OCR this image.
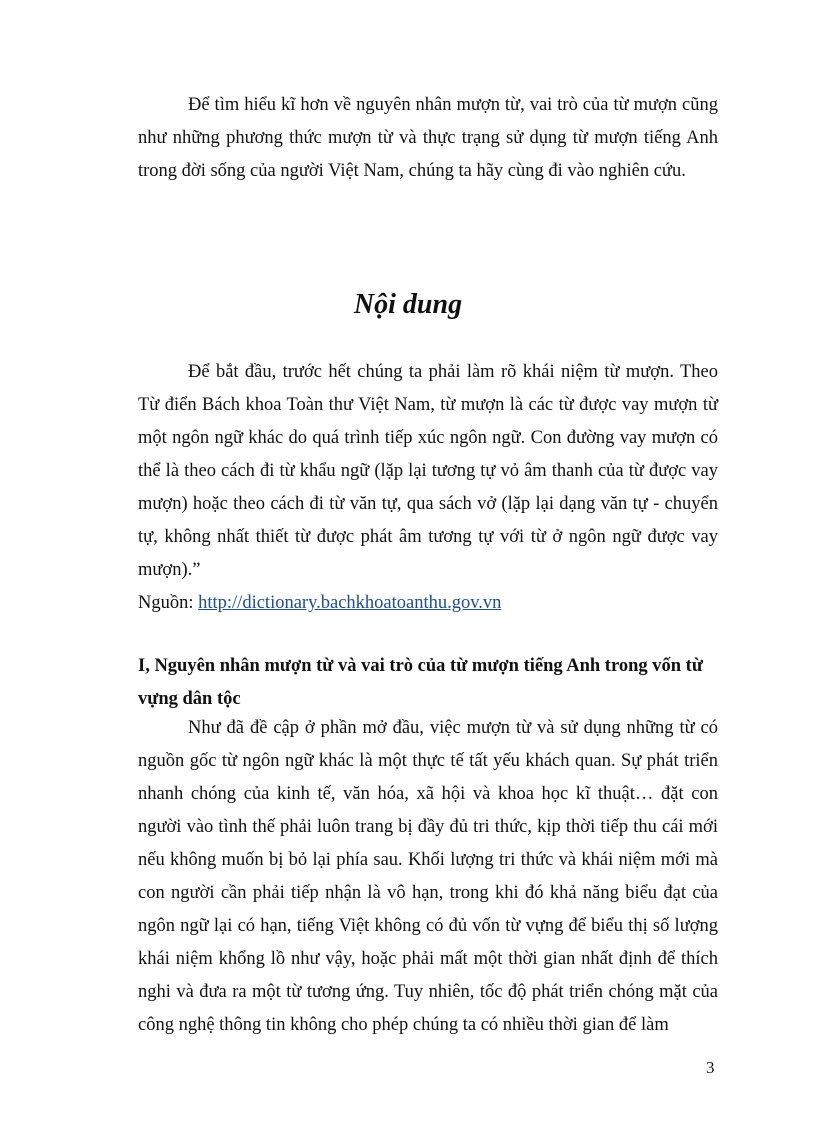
Để tìm hiểu kĩ hơn về nguyên nhân mượn từ, vai trò của từ mượn cũng như những phương thức mượn từ và thực trạng sử dụng từ mượn tiếng Anh trong đời sống của người Việt Nam, chúng ta hãy cùng đi vào nghiên cứu.

Nội dung

Để bắt đầu, trước hết chúng ta phải làm rõ khái niệm từ mượn. Theo Từ điển Bách khoa Toàn thư Việt Nam, từ mượn là các từ được vay mượn từ một ngôn ngữ khác do quá trình tiếp xúc ngôn ngữ. Con đường vay mượn có thể là theo cách đi từ khẩu ngữ (lặp lại tương tự vỏ âm thanh của từ được vay mượn) hoặc theo cách đi từ văn tự, qua sách vở (lặp lại dạng văn tự - chuyển tự, không nhất thiết từ được phát âm tương tự với từ ở ngôn ngữ được vay mượn).”

Nguồn: http://dictionary.bachkhoatoanthu.gov.vn

I, Nguyên nhân mượn từ và vai trò của từ mượn tiếng Anh trong vốn từ vựng dân tộc

Như đã đề cập ở phần mở đầu, việc mượn từ và sử dụng những từ có nguồn gốc từ ngôn ngữ khác là một thực tế tất yếu khách quan. Sự phát triển nhanh chóng của kinh tế, văn hóa, xã hội và khoa học kĩ thuật… đặt con người vào tình thế phải luôn trang bị đầy đủ tri thức, kịp thời tiếp thu cái mới nếu không muốn bị bỏ lại phía sau. Khối lượng tri thức và khái niệm mới mà con người cần phải tiếp nhận là vô hạn, trong khi đó khả năng biểu đạt của ngôn ngữ lại có hạn, tiếng Việt không có đủ vốn từ vựng để biểu thị số lượng khái niệm khổng lồ như vậy, hoặc phải mất một thời gian nhất định để thích nghi và đưa ra một từ tương ứng. Tuy nhiên, tốc độ phát triển chóng mặt của công nghệ thông tin không cho phép chúng ta có nhiều thời gian để làm

3
